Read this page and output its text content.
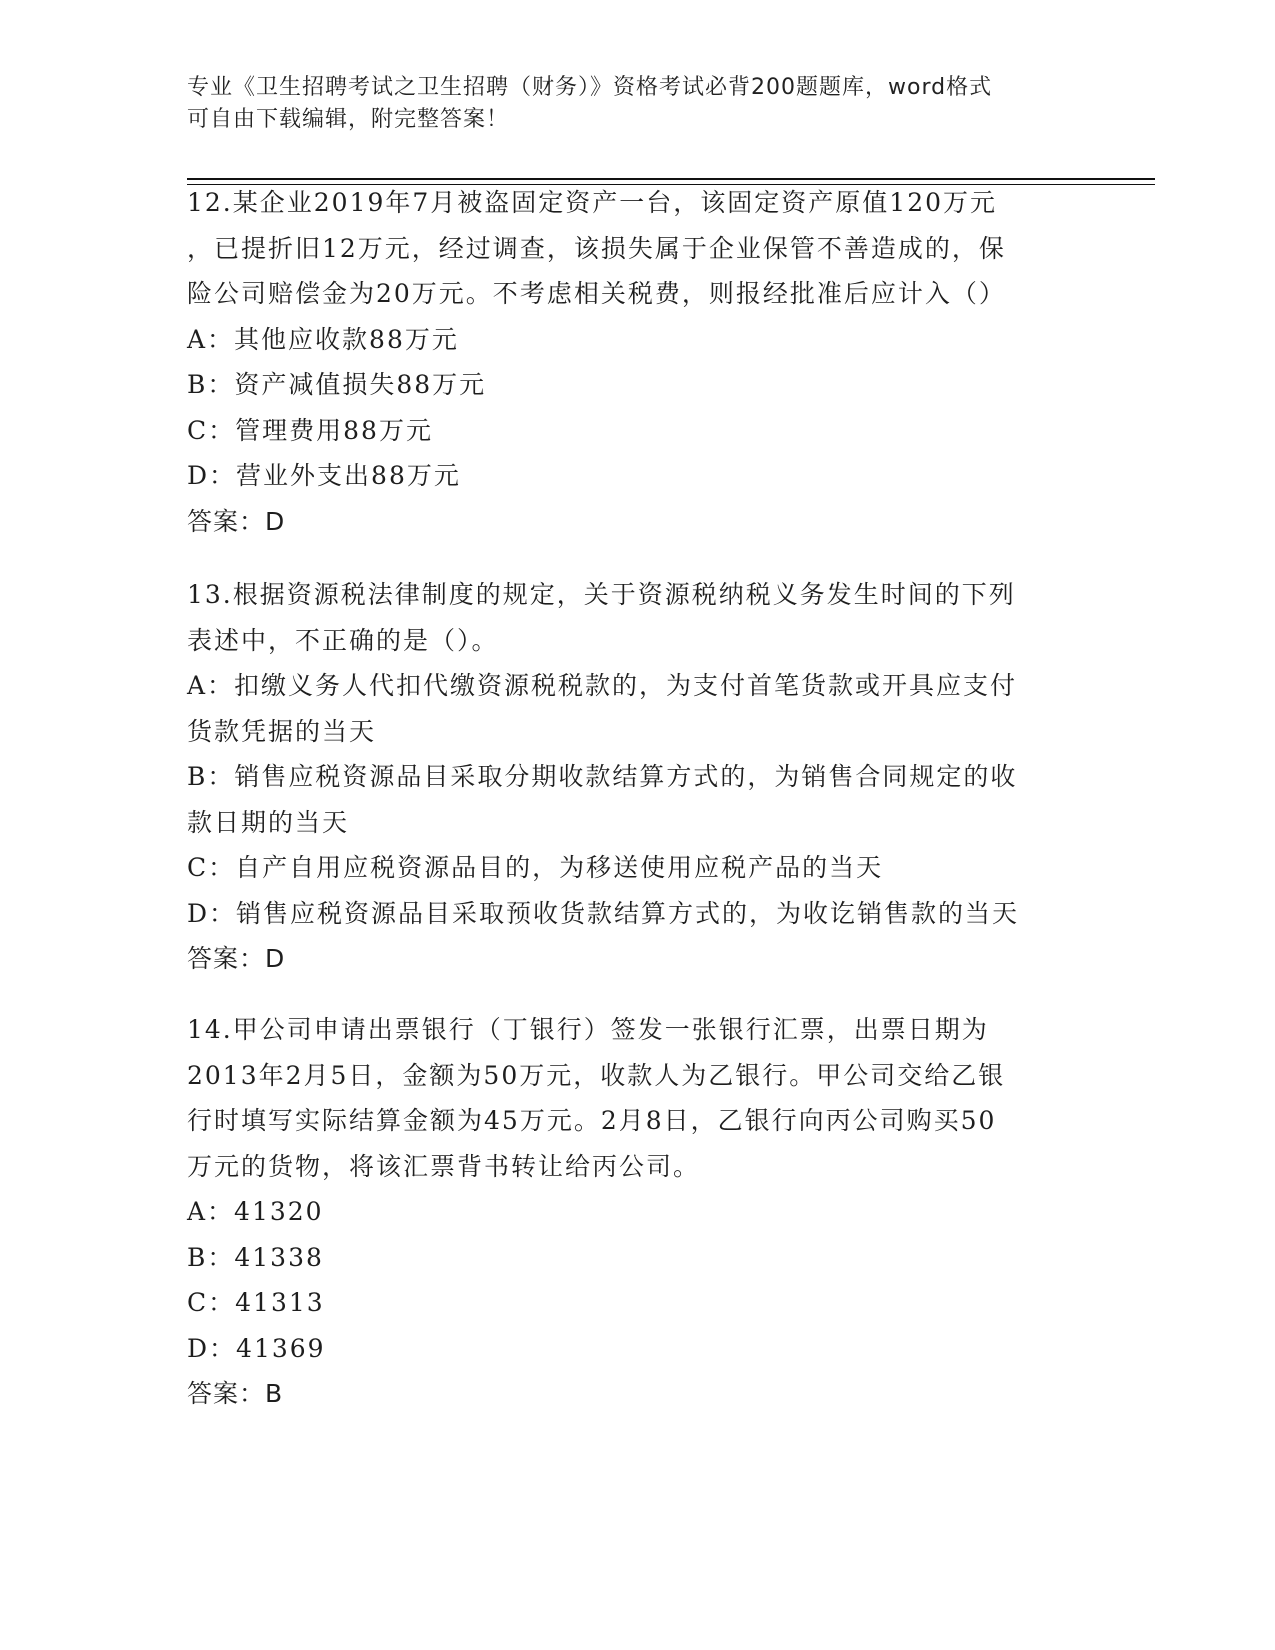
专业《卫生招聘考试之卫生招聘（财务）》资格考试必背200题题库，word格式
可自由下载编辑，附完整答案！
12.某企业2019年7月被盗固定资产一台，该固定资产原值120万元
，已提折旧12万元，经过调查，该损失属于企业保管不善造成的，保
险公司赔偿金为20万元。不考虑相关税费，则报经批准后应计入（）
A：其他应收款88万元
B：资产减值损失88万元
C：管理费用88万元
D：营业外支出88万元
答案：D
13.根据资源税法律制度的规定，关于资源税纳税义务发生时间的下列
表述中，不正确的是（）。
A：扣缴义务人代扣代缴资源税税款的，为支付首笔货款或开具应支付
货款凭据的当天
B：销售应税资源品目采取分期收款结算方式的，为销售合同规定的收
款日期的当天
C：自产自用应税资源品目的，为移送使用应税产品的当天
D：销售应税资源品目采取预收货款结算方式的，为收讫销售款的当天
答案：D
14.甲公司申请出票银行（丁银行）签发一张银行汇票，出票日期为
2013年2月5日，金额为50万元，收款人为乙银行。甲公司交给乙银
行时填写实际结算金额为45万元。2月8日，乙银行向丙公司购买50
万元的货物，将该汇票背书转让给丙公司。
A：41320
B：41338
C：41313
D：41369
答案：B
